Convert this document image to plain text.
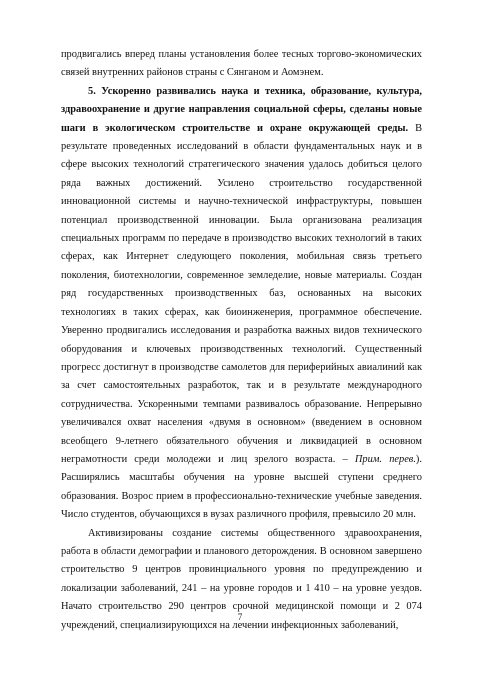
продвигались вперед планы установления более тесных торгово-экономических связей внутренних районов страны с Сянганом и Аомэнем.

5. Ускоренно развивались наука и техника, образование, культура, здравоохранение и другие направления социальной сферы, сделаны новые шаги в экологическом строительстве и охране окружающей среды. В результате проведенных исследований в области фундаментальных наук и в сфере высоких технологий стратегического значения удалось добиться целого ряда важных достижений. Усилено строительство государственной инновационной системы и научно-технической инфраструктуры, повышен потенциал производственной инновации. Была организована реализация специальных программ по передаче в производство высоких технологий в таких сферах, как Интернет следующего поколения, мобильная связь третьего поколения, биотехнологии, современное земледелие, новые материалы. Создан ряд государственных производственных баз, основанных на высоких технологиях в таких сферах, как биоинженерия, программное обеспечение. Уверенно продвигались исследования и разработка важных видов технического оборудования и ключевых производственных технологий. Существенный прогресс достигнут в производстве самолетов для периферийных авиалиний как за счет самостоятельных разработок, так и в результате международного сотрудничества. Ускоренными темпами развивалось образование. Непрерывно увеличивался охват населения «двумя в основном» (введением в основном всеобщего 9-летнего обязательного обучения и ликвидацией в основном неграмотности среди молодежи и лиц зрелого возраста. – Прим. перев.). Расширялись масштабы обучения на уровне высшей ступени среднего образования. Возрос прием в профессионально-технические учебные заведения. Число студентов, обучающихся в вузах различного профиля, превысило 20 млн.

Активизированы создание системы общественного здравоохранения, работа в области демографии и планового деторождения. В основном завершено строительство 9 центров провинциального уровня по предупреждению и локализации заболеваний, 241 – на уровне городов и 1 410 – на уровне уездов. Начато строительство 290 центров срочной медицинской помощи и 2 074 учреждений, специализирующихся на лечении инфекционных заболеваний,

7
